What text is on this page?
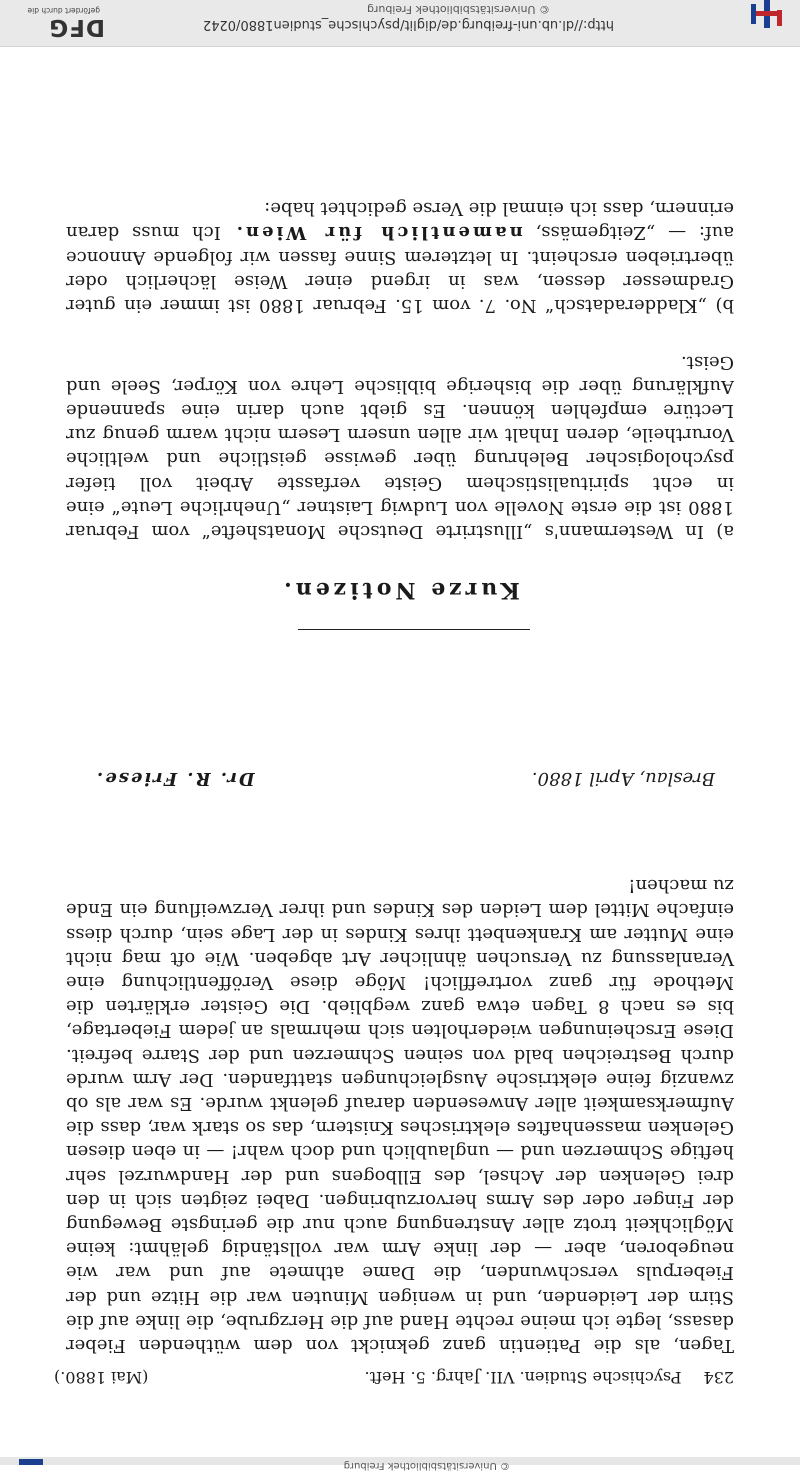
http://dl.ub.uni-freiburg.de/diglit/psychische_studien1880/0242
© Universitätsbibliothek Freiburg
DFG
gefördert durch die
© Universitätsbibliothek Freiburg
234
Psychische Studien. VII. Jahrg. 5. Heft.
(Mai 1880.)

Tagen, als die Patientin ganz geknickt von dem wüthenden Fieber dasass, legte ich meine rechte Hand auf die Herzgrube, die linke auf die Stirn der Leidenden, und in wenigen Minuten war die Hitze und der Fieberpuls verschwunden, die Dame athmete auf und war wie neugeboren, aber — der linke Arm war vollständig gelähmt: keine Möglichkeit trotz aller Anstrengung auch nur die geringste Bewegung der Finger oder des Arms hervorzubringen. Dabei zeigten sich in den drei Gelenken der Achsel, des Ellbogens und der Handwurzel sehr heftige Schmerzen und — unglaublich und doch wahr! — in eben diesen Gelenken massenhaftes elektrisches Knistern, das so stark war, dass die Aufmerksamkeit aller Anwesenden darauf gelenkt wurde. Es war als ob zwanzig feine elektrische Ausgleichungen stattfanden. Der Arm wurde durch Bestreichen bald von seinen Schmerzen und der Starre befreit. Diese Erscheinungen wiederholten sich mehrmals an jedem Fiebertage, bis es nach 8 Tagen etwa ganz wegblieb. Die Geister erklärten die Methode für ganz vortrefflich! Möge diese Veröffentlichung eine Veranlassung zu Versuchen ähnlicher Art abgeben. Wie oft mag nicht eine Mutter am Krankenbett ihres Kindes in der Lage sein, durch diess einfache Mittel dem Leiden des Kindes und ihrer Verzweiflung ein Ende zu machen!

Breslau, April 1880.
Dr. R. Friese.
Kurze Notizen.

a) In Westermann's „Illustrirte Deutsche Monatshefte“ vom Februar 1880 ist die erste Novelle von Ludwig Laistner „Unehrliche Leute“ eine in echt spiritualistischem Geiste verfasste Arbeit voll tiefer psychologischer Belehrung über gewisse geistliche und weltliche Vorurtheile, deren Inhalt wir allen unsern Lesern nicht warm genug zur Lectüre empfehlen können. Es giebt auch darin eine spannende Aufklärung über die bisherige biblische Lehre von Körper, Seele und Geist.

b) „Kladderadatsch“ No. 7. vom 15. Februar 1880 ist immer ein guter Gradmesser dessen, was in irgend einer Weise lächerlich oder übertrieben erscheint. In letzterem Sinne fassen wir folgende Annonce auf: — „Zeitgemäss, namentlich für Wien. Ich muss daran erinnern, dass ich einmal die Verse gedichtet habe:
